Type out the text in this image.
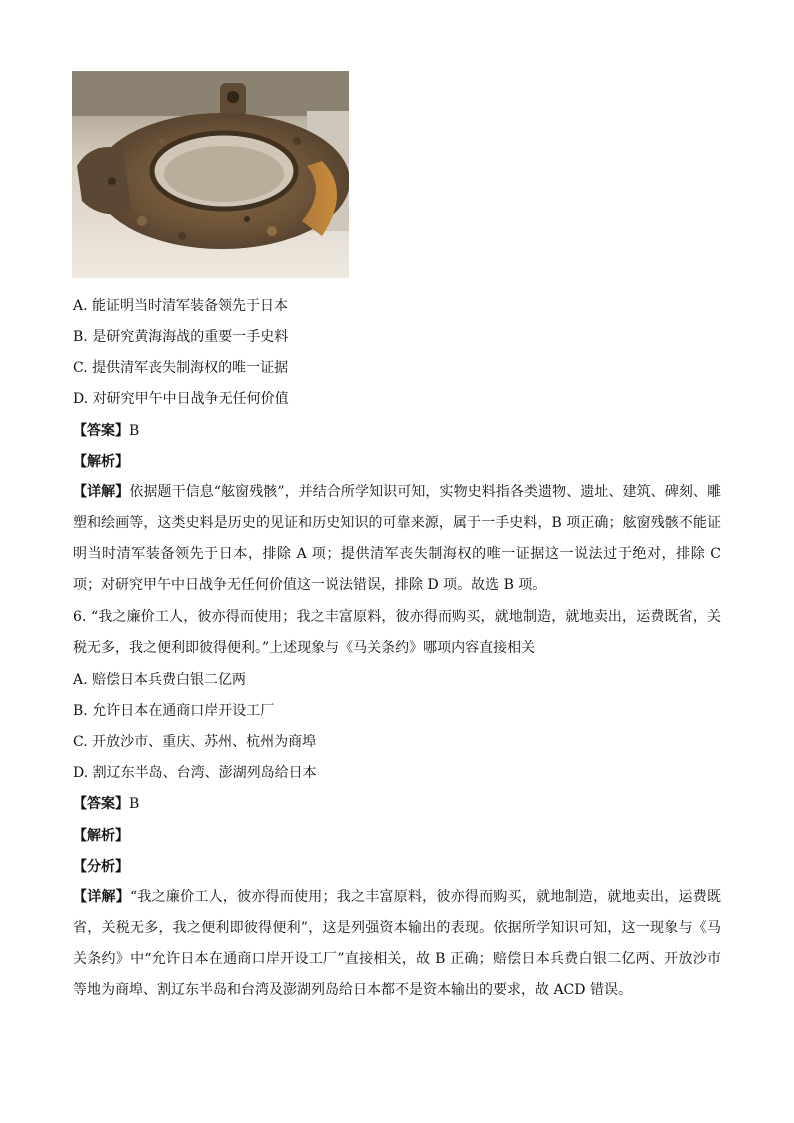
A. 能证明当时清军装备领先于日本
B. 是研究黄海海战的重要一手史料
C. 提供清军丧失制海权的唯一证据
D. 对研究甲午中日战争无任何价值
【答案】B
【解析】
【详解】依据题干信息“舷窗残骸”，并结合所学知识可知，实物史料指各类遗物、遗址、建筑、碑刻、雕塑和绘画等，这类史料是历史的见证和历史知识的可靠来源，属于一手史料，B 项正确；舷窗残骸不能证明当时清军装备领先于日本，排除 A 项；提供清军丧失制海权的唯一证据这一说法过于绝对，排除 C 项；对研究甲午中日战争无任何价值这一说法错误，排除 D 项。故选 B 项。
6. “我之廉价工人，彼亦得而使用；我之丰富原料，彼亦得而购买，就地制造，就地卖出，运费既省，关税无多，我之便利即彼得便利。”上述现象与《马关条约》哪项内容直接相关
A. 赔偿日本兵费白银二亿两
B. 允许日本在通商口岸开设工厂
C. 开放沙市、重庆、苏州、杭州为商埠
D. 割辽东半岛、台湾、澎湖列岛给日本
【答案】B
【解析】
【分析】
【详解】“我之廉价工人，彼亦得而使用；我之丰富原料，彼亦得而购买，就地制造，就地卖出，运费既省，关税无多，我之便利即彼得便利”，这是列强资本输出的表现。依据所学知识可知，这一现象与《马关条约》中“允许日本在通商口岸开设工厂”直接相关，故 B 正确；赔偿日本兵费白银二亿两、开放沙市等地为商埠、割辽东半岛和台湾及澎湖列岛给日本都不是资本输出的要求，故 ACD 错误。
